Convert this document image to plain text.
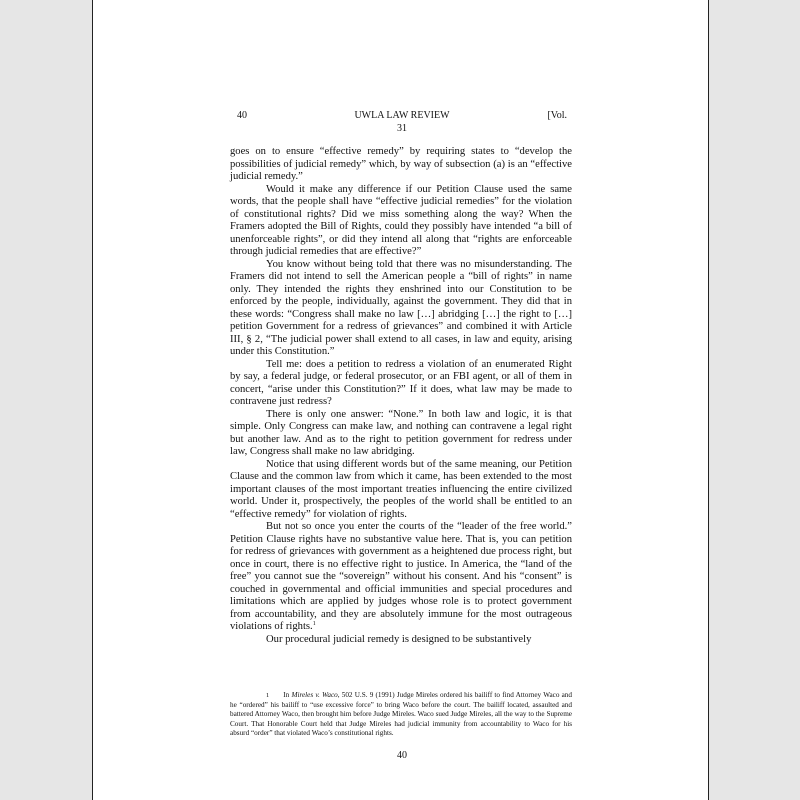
40	UWLA LAW REVIEW	[Vol.
31

goes on to ensure “effective remedy” by requiring states to “develop the possibilities of judicial remedy” which, by way of subsection (a) is an “effective judicial remedy.”

Would it make any difference if our Petition Clause used the same words, that the people shall have “effective judicial remedies” for the violation of constitutional rights? Did we miss something along the way? When the Framers adopted the Bill of Rights, could they possibly have intended “a bill of unenforceable rights”, or did they intend all along that “rights are enforceable through judicial remedies that are effective?”

You know without being told that there was no misunderstanding. The Framers did not intend to sell the American people a “bill of rights” in name only. They intended the rights they enshrined into our Constitution to be enforced by the people, individually, against the government. They did that in these words: “Congress shall make no law […] abridging […] the right to […] petition Government for a redress of grievances” and combined it with Article III, § 2, “The judicial power shall extend to all cases, in law and equity, arising under this Constitution.”

Tell me: does a petition to redress a violation of an enumerated Right by say, a federal judge, or federal prosecutor, or an FBI agent, or all of them in concert, “arise under this Constitution?” If it does, what law may be made to contravene just redress?

There is only one answer: “None.” In both law and logic, it is that simple. Only Congress can make law, and nothing can contravene a legal right but another law. And as to the right to petition government for redress under law, Congress shall make no law abridging.

Notice that using different words but of the same meaning, our Petition Clause and the common law from which it came, has been extended to the most important clauses of the most important treaties influencing the entire civilized world. Under it, prospectively, the peoples of the world shall be entitled to an “effective remedy” for violation of rights.

But not so once you enter the courts of the “leader of the free world.” Petition Clause rights have no substantive value here. That is, you can petition for redress of grievances with government as a heightened due process right, but once in court, there is no effective right to justice. In America, the “land of the free” you cannot sue the “sovereign” without his consent. And his “consent” is couched in governmental and official immunities and special procedures and limitations which are applied by judges whose role is to protect government from accountability, and they are absolutely immune for the most outrageous violations of rights.$^1$

Our procedural judicial remedy is designed to be substantively

1 In Mireles v. Waco, 502 U.S. 9 (1991) Judge Mireles ordered his bailiff to find Attorney Waco and he “ordered” his bailiff to “use excessive force” to bring Waco before the court. The bailiff located, assaulted and battered Attorney Waco, then brought him before Judge Mireles. Waco sued Judge Mireles, all the way to the Supreme Court. That Honorable Court held that Judge Mireles had judicial immunity from accountability to Waco for his absurd “order” that violated Waco’s constitutional rights.
40
